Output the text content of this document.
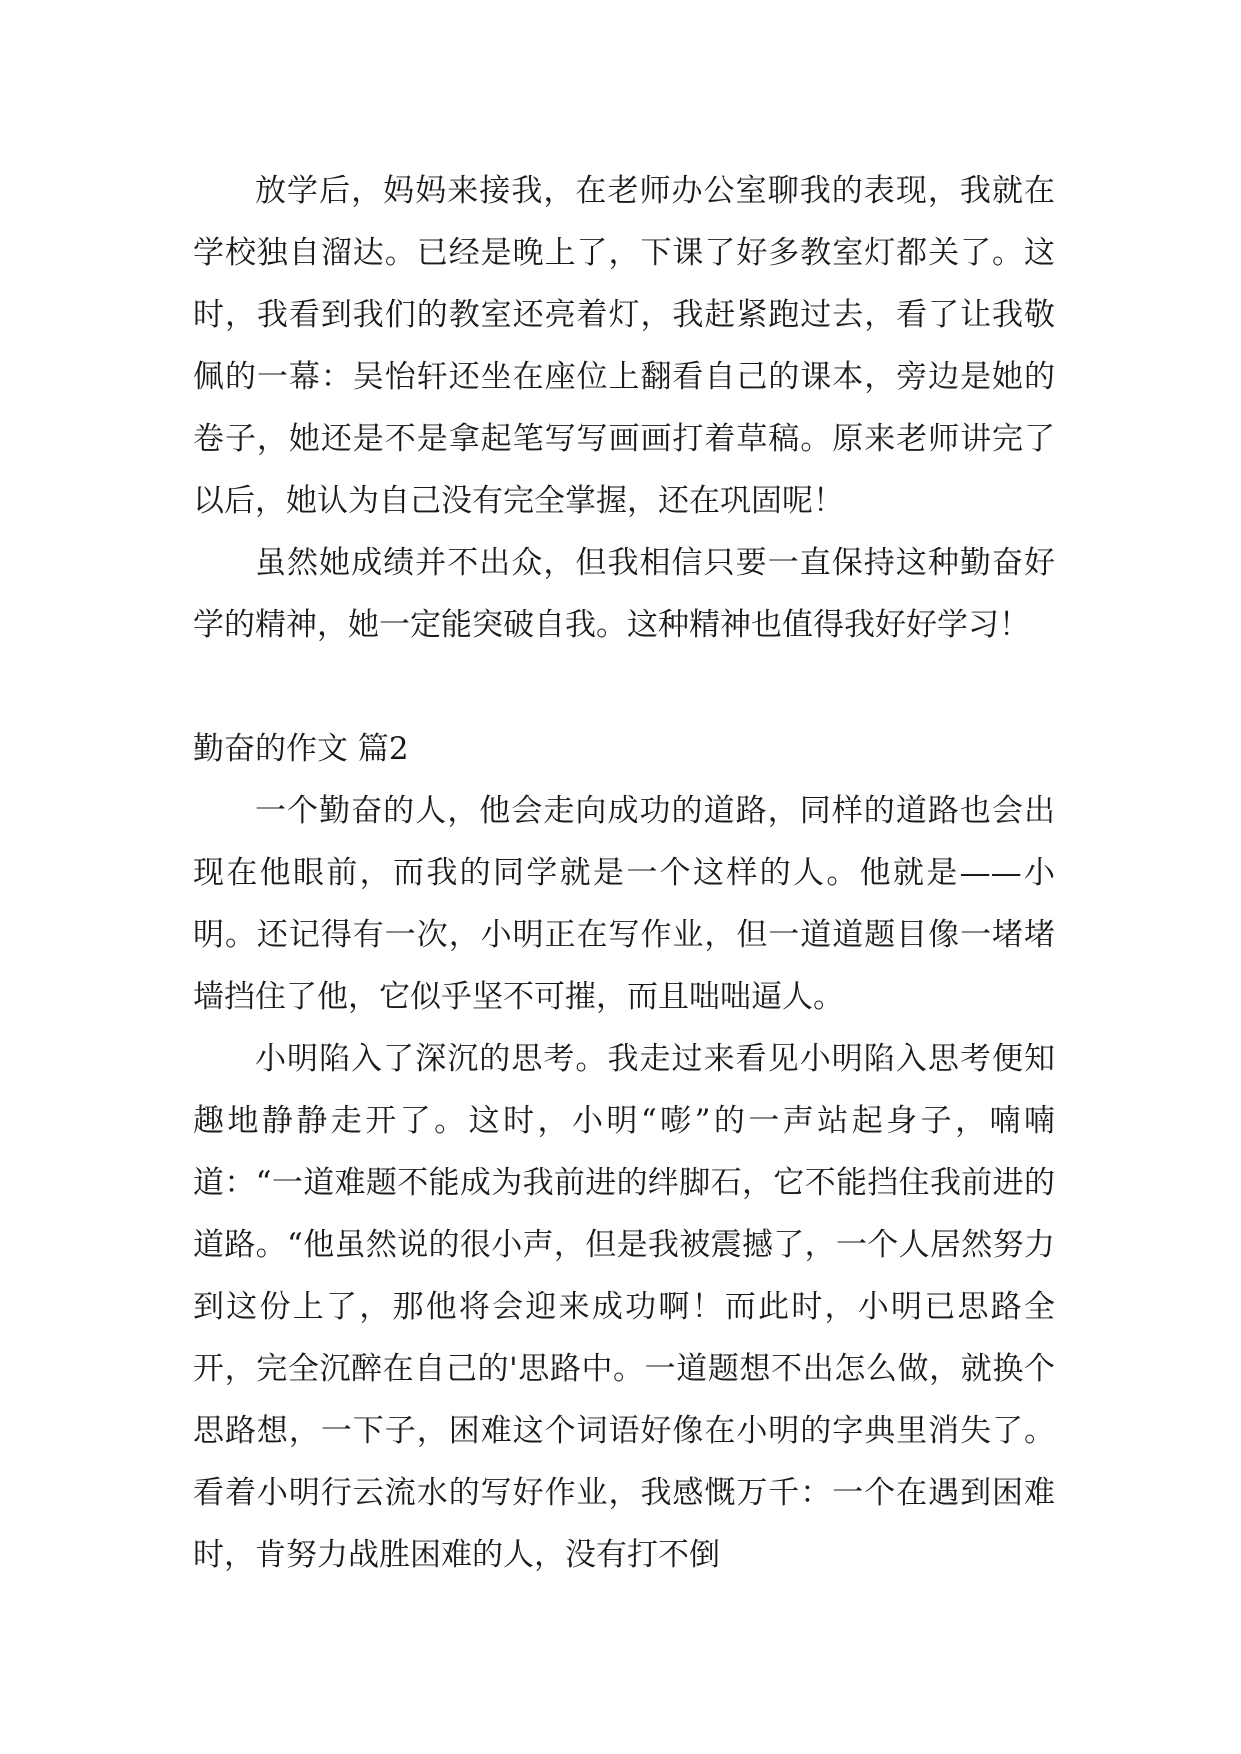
放学后，妈妈来接我，在老师办公室聊我的表现，我就在学校独自溜达。已经是晚上了，下课了好多教室灯都关了。这时，我看到我们的教室还亮着灯，我赶紧跑过去，看了让我敬佩的一幕：吴怡轩还坐在座位上翻看自己的课本，旁边是她的卷子，她还是不是拿起笔写写画画打着草稿。原来老师讲完了以后，她认为自己没有完全掌握，还在巩固呢！

虽然她成绩并不出众，但我相信只要一直保持这种勤奋好学的精神，她一定能突破自我。这种精神也值得我好好学习！

勤奋的作文 篇2

一个勤奋的人，他会走向成功的道路，同样的道路也会出现在他眼前，而我的同学就是一个这样的人。他就是——小明。还记得有一次，小明正在写作业，但一道道题目像一堵堵墙挡住了他，它似乎坚不可摧，而且咄咄逼人。

小明陷入了深沉的思考。我走过来看见小明陷入思考便知趣地静静走开了。这时，小明“嘭”的一声站起身子，喃喃道：“一道难题不能成为我前进的绊脚石，它不能挡住我前进的道路。“他虽然说的很小声，但是我被震撼了，一个人居然努力到这份上了，那他将会迎来成功啊！而此时，小明已思路全开，完全沉醉在自己的'思路中。一道题想不出怎么做，就换个思路想，一下子，困难这个词语好像在小明的字典里消失了。看着小明行云流水的写好作业，我感慨万千：一个在遇到困难时，肯努力战胜困难的人，没有打不倒
